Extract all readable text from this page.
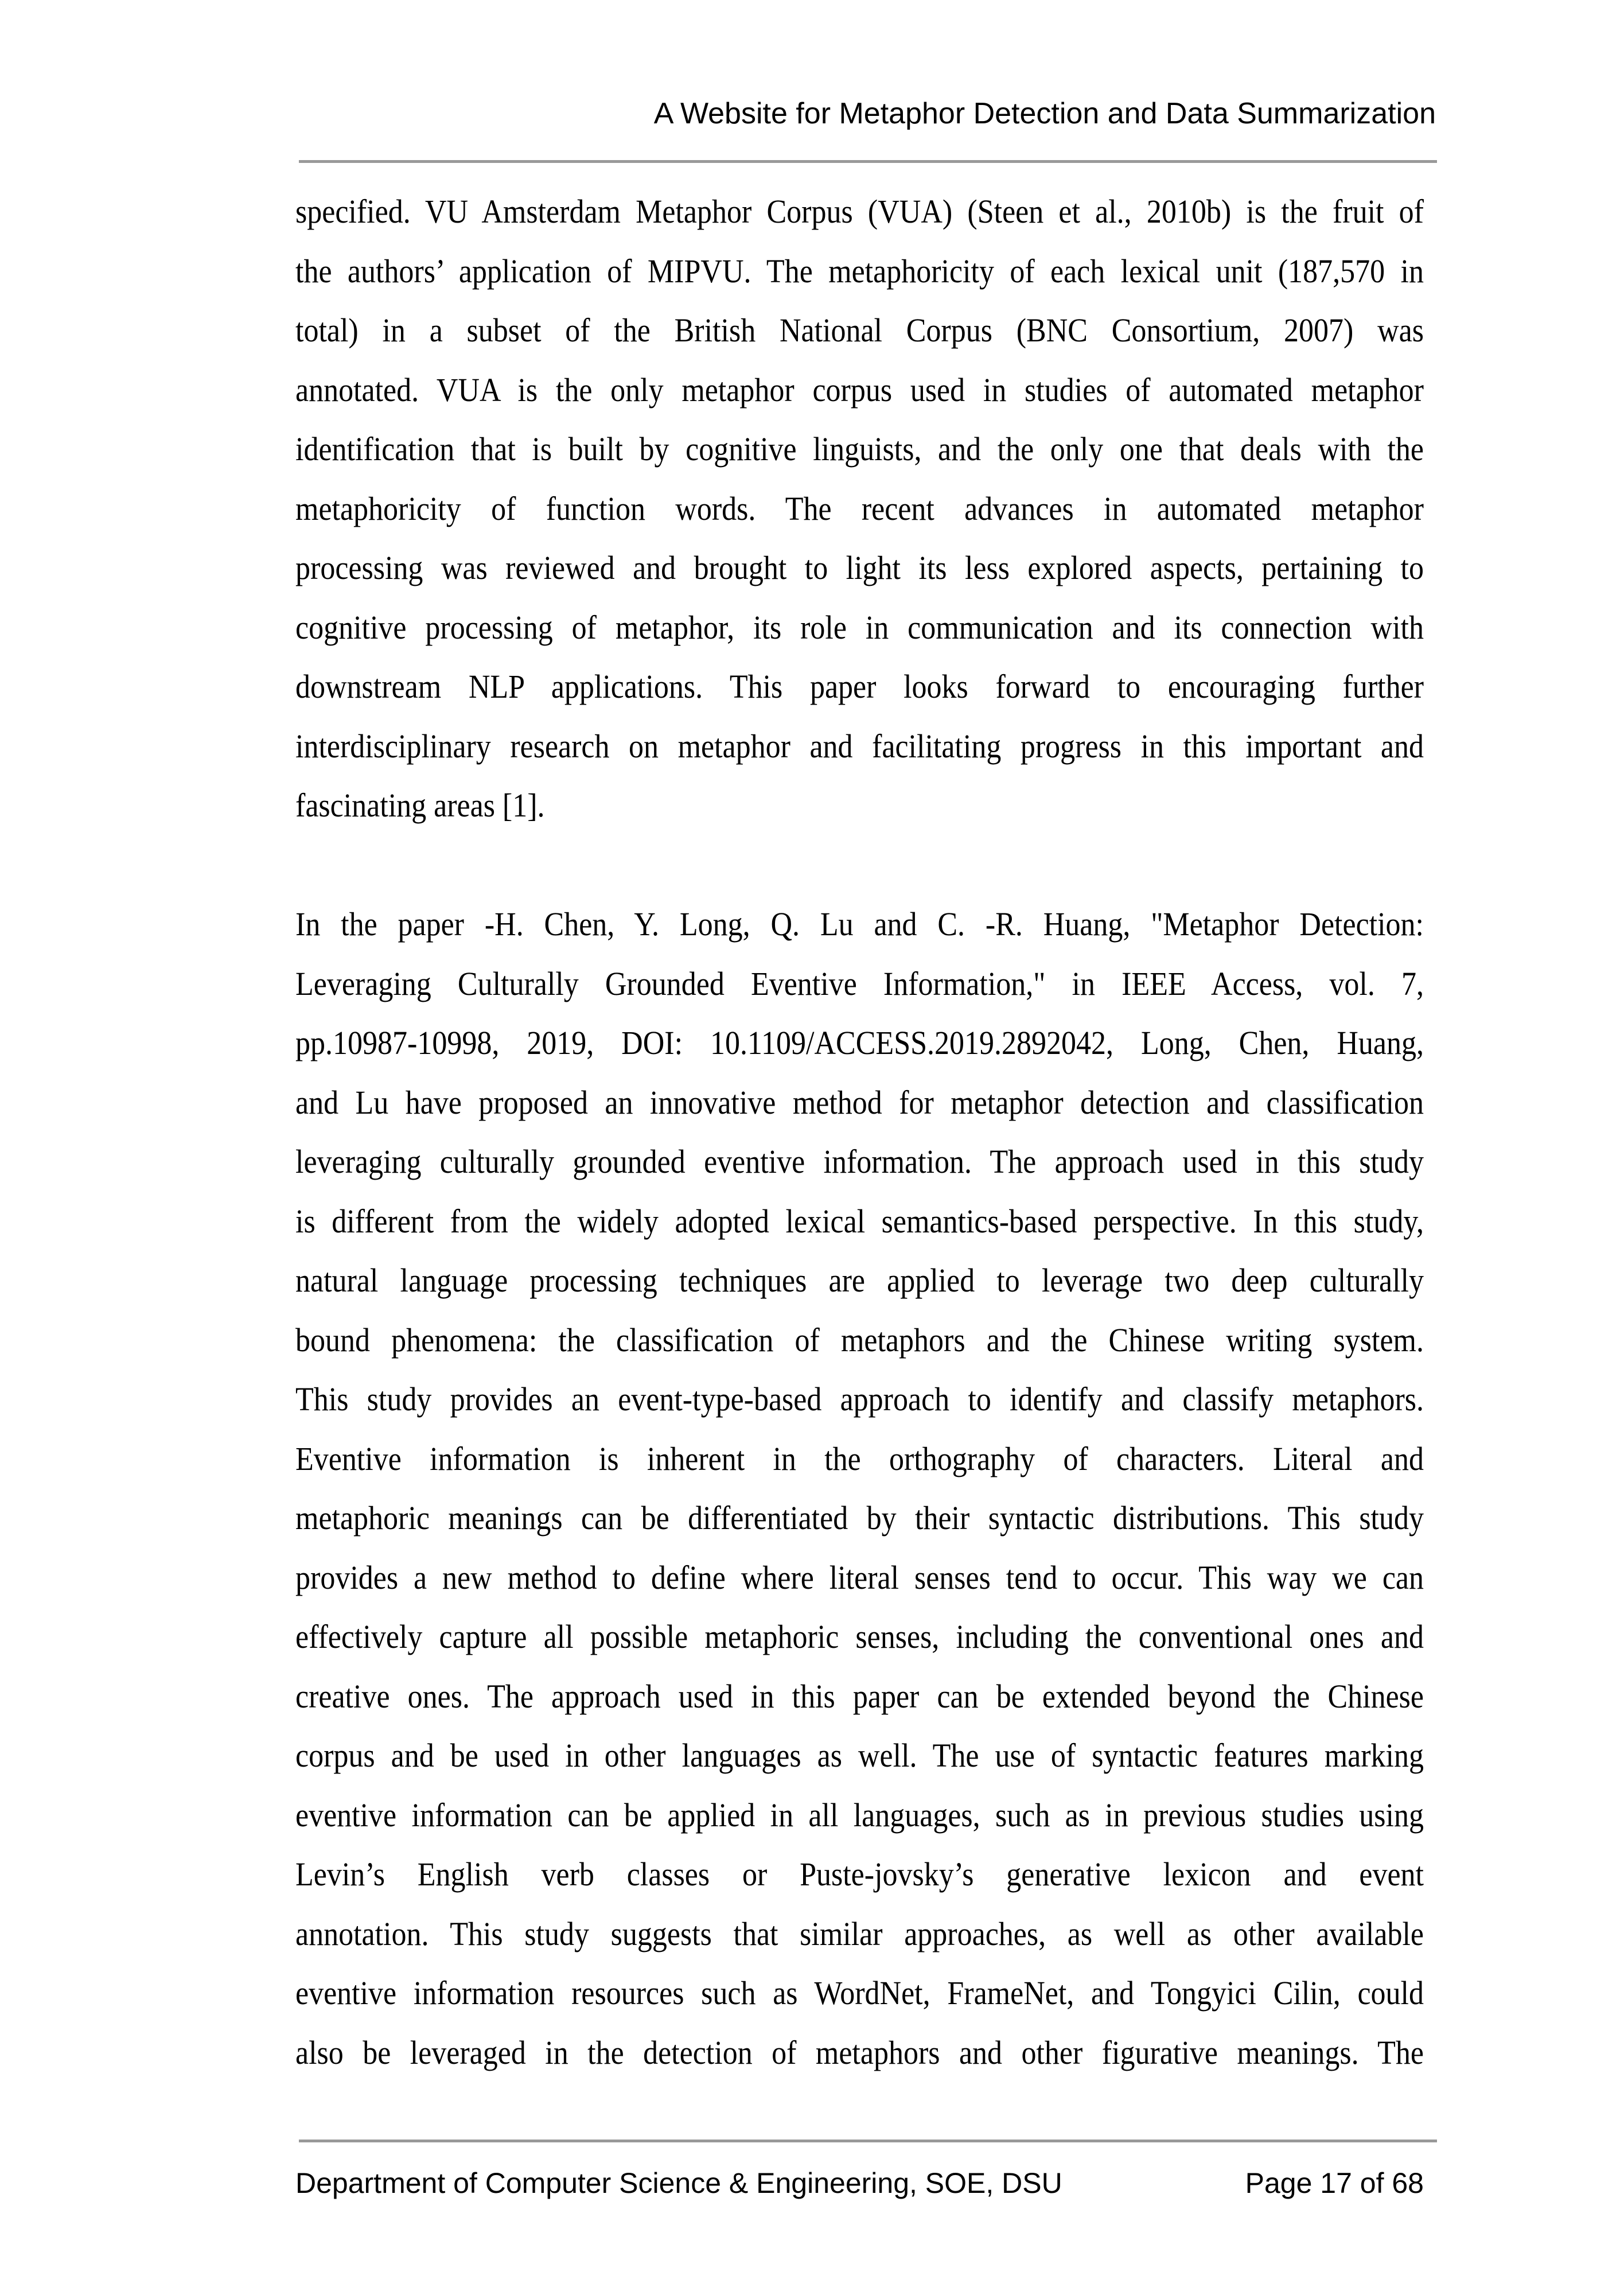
A Website for Metaphor Detection and Data Summarization
specified. VU Amsterdam Metaphor Corpus (VUA) (Steen et al., 2010b) is the fruit of
the authors’ application of MIPVU. The metaphoricity of each lexical unit (187,570 in
total) in a subset of the British National Corpus (BNC Consortium, 2007) was
annotated. VUA is the only metaphor corpus used in studies of automated metaphor
identification that is built by cognitive linguists, and the only one that deals with the
metaphoricity of function words. The recent advances in automated metaphor
processing was reviewed and brought to light its less explored aspects, pertaining to
cognitive processing of metaphor, its role in communication and its connection with
downstream NLP applications. This paper looks forward to encouraging further
interdisciplinary research on metaphor and facilitating progress in this important and
fascinating areas [1].
In the paper -H. Chen, Y. Long, Q. Lu and C. -R. Huang, "Metaphor Detection:
Leveraging Culturally Grounded Eventive Information," in IEEE Access, vol. 7,
pp.10987-10998, 2019, DOI: 10.1109/ACCESS.2019.2892042, Long, Chen, Huang,
and Lu have proposed an innovative method for metaphor detection and classification
leveraging culturally grounded eventive information. The approach used in this study
is different from the widely adopted lexical semantics-based perspective. In this study,
natural language processing techniques are applied to leverage two deep culturally
bound phenomena: the classification of metaphors and the Chinese writing system.
This study provides an event-type-based approach to identify and classify metaphors.
Eventive information is inherent in the orthography of characters. Literal and
metaphoric meanings can be differentiated by their syntactic distributions. This study
provides a new method to define where literal senses tend to occur. This way we can
effectively capture all possible metaphoric senses, including the conventional ones and
creative ones. The approach used in this paper can be extended beyond the Chinese
corpus and be used in other languages as well. The use of syntactic features marking
eventive information can be applied in all languages, such as in previous studies using
Levin’s English verb classes or Puste-jovsky’s generative lexicon and event
annotation. This study suggests that similar approaches, as well as other available
eventive information resources such as WordNet, FrameNet, and Tongyici Cilin, could
also be leveraged in the detection of metaphors and other figurative meanings. The
Department of Computer Science & Engineering, SOE, DSU	Page 17 of 68
